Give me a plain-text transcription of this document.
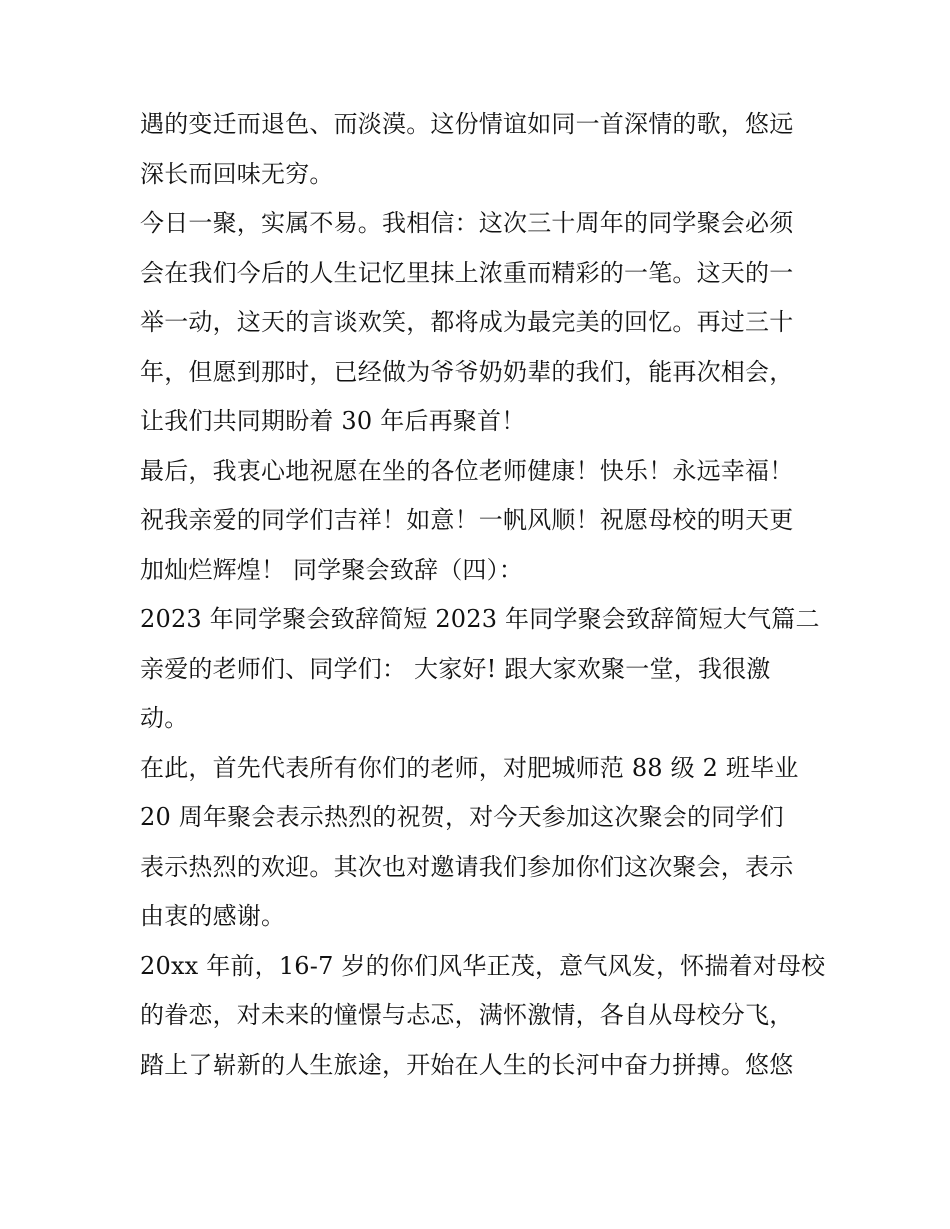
遇的变迁而退色、而淡漠。这份情谊如同一首深情的歌，悠远
深长而回味无穷。
今日一聚，实属不易。我相信：这次三十周年的同学聚会必须
会在我们今后的人生记忆里抹上浓重而精彩的一笔。这天的一
举一动，这天的言谈欢笑，都将成为最完美的回忆。再过三十
年，但愿到那时，已经做为爷爷奶奶辈的我们，能再次相会，
让我们共同期盼着 30 年后再聚首！
最后，我衷心地祝愿在坐的各位老师健康！快乐！永远幸福！
祝我亲爱的同学们吉祥！如意！一帆风顺！祝愿母校的明天更
加灿烂辉煌！ 同学聚会致辞（四）：
2023 年同学聚会致辞简短 2023 年同学聚会致辞简短大气篇二
亲爱的老师们、同学们： 大家好! 跟大家欢聚一堂，我很激
动。
在此，首先代表所有你们的老师，对肥城师范 88 级 2 班毕业
20 周年聚会表示热烈的祝贺，对今天参加这次聚会的同学们
表示热烈的欢迎。其次也对邀请我们参加你们这次聚会，表示
由衷的感谢。
20xx 年前，16-7 岁的你们风华正茂，意气风发，怀揣着对母校
的眷恋，对未来的憧憬与忐忑，满怀激情，各自从母校分飞，
踏上了崭新的人生旅途，开始在人生的长河中奋力拼搏。悠悠
